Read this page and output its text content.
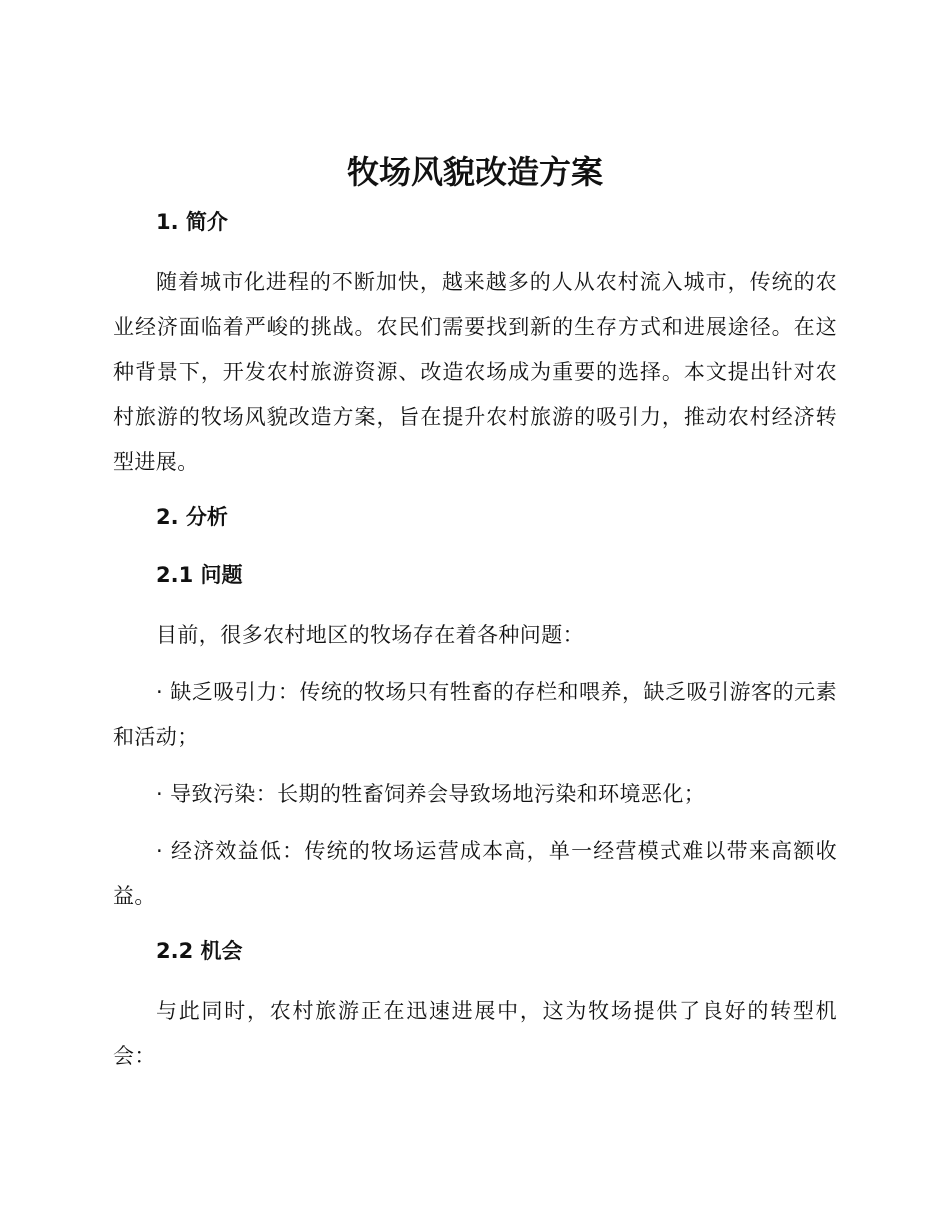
牧场风貌改造方案
1. 简介

随着城市化进程的不断加快，越来越多的人从农村流入城市，传统的农业经济面临着严峻的挑战。农民们需要找到新的生存方式和进展途径。在这种背景下，开发农村旅游资源、改造农场成为重要的选择。本文提出针对农村旅游的牧场风貌改造方案，旨在提升农村旅游的吸引力，推动农村经济转型进展。

2. 分析
2.1 问题

目前，很多农村地区的牧场存在着各种问题：

· 缺乏吸引力：传统的牧场只有牲畜的存栏和喂养，缺乏吸引游客的元素和活动；

· 导致污染：长期的牲畜饲养会导致场地污染和环境恶化；

· 经济效益低：传统的牧场运营成本高，单一经营模式难以带来高额收益。

2.2 机会

与此同时，农村旅游正在迅速进展中，这为牧场提供了良好的转型机会：
